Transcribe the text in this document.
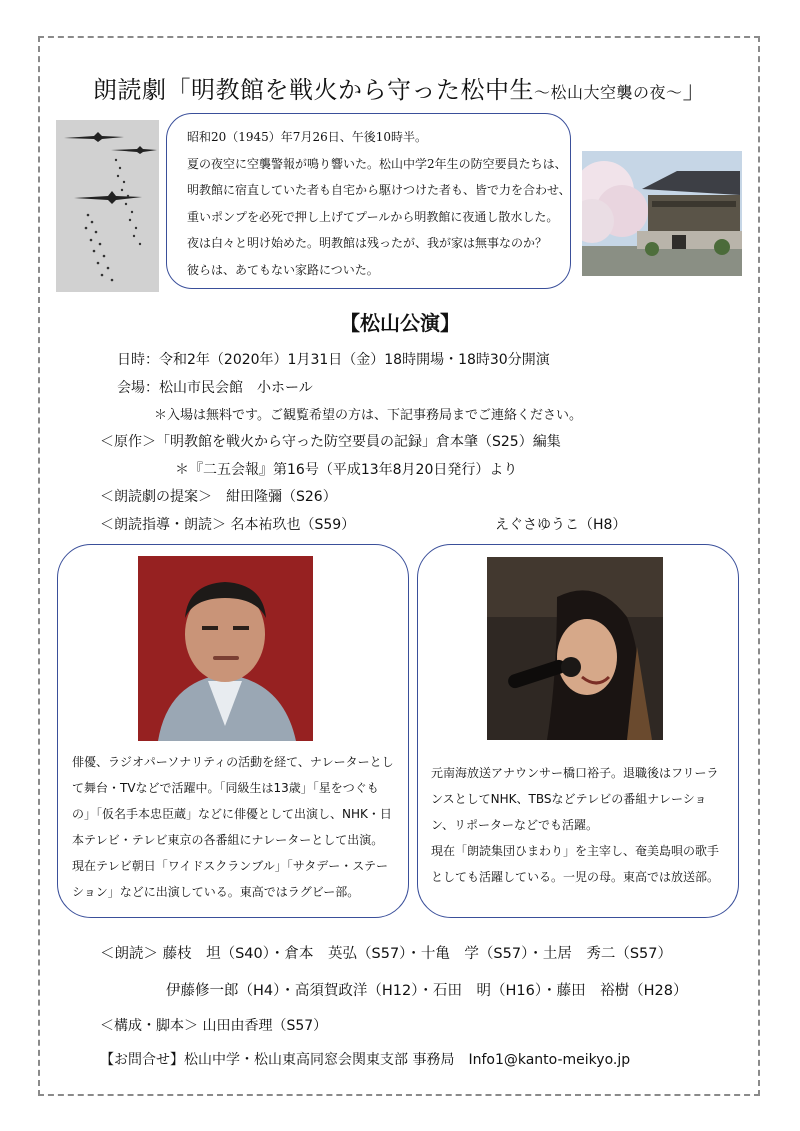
朗読劇「明教館を戦火から守った松中生～松山大空襲の夜～」

昭和20（1945）年7月26日、午後10時半。

夏の夜空に空襲警報が鳴り響いた。松山中学2年生の防空要員たちは、

明教館に宿直していた者も自宅から駆けつけた者も、皆で力を合わせ、

重いポンプを必死で押し上げてプールから明教館に夜通し散水した。

夜は白々と明け始めた。明教館は残ったが、我が家は無事なのか？

彼らは、あてもない家路についた。

【松山公演】
日時：令和2年（2020年）1月31日（金）18時開場・18時30分開演
会場：松山市民会館　小ホール
＊入場は無料です。ご観覧希望の方は、下記事務局までご連絡ください。
＜原作＞「明教館を戦火から守った防空要員の記録」倉本肇（S25）編集
＊『二五会報』第16号（平成13年8月20日発行）より
＜朗読劇の提案＞　紺田隆彌（S26）
＜朗読指導・朗読＞ 名本祐玖也（S59）	えぐさゆうこ（H8）

俳優、ラジオパーソナリティの活動を経て、ナレーターとし

て舞台・TVなどで活躍中。「同級生は13歳」「星をつぐも

の」「仮名手本忠臣蔵」などに俳優として出演し、NHK・日

本テレビ・テレビ東京の各番組にナレーターとして出演。

現在テレビ朝日「ワイドスクランブル」「サタデー・ステー

ション」などに出演している。東高ではラグビー部。

元南海放送アナウンサー橋口裕子。退職後はフリーラ

ンスとしてNHK、TBSなどテレビの番組ナレーショ

ン、リポーターなどでも活躍。

現在「朗読集団ひまわり」を主宰し、奄美島唄の歌手

としても活躍している。一児の母。東高では放送部。

＜朗読＞ 藤枝　坦（S40）・倉本　英弘（S57）・十亀　学（S57）・土居　秀二（S57）
伊藤修一郎（H4）・高須賀政洋（H12）・石田　明（H16）・藤田　裕樹（H28）
＜構成・脚本＞ 山田由香理（S57）
【お問合せ】松山中学・松山東高同窓会関東支部 事務局　Info1@kanto-meikyo.jp
